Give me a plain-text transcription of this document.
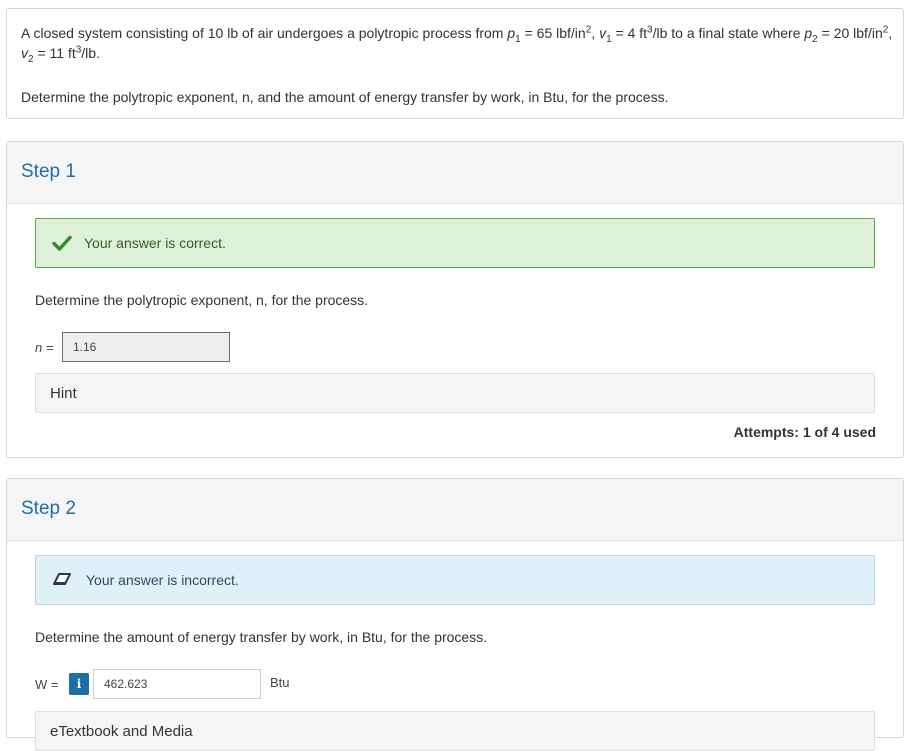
A closed system consisting of 10 lb of air undergoes a polytropic process from $p_1 = 65$ lbf/$in^2$, $v_1 = 4$ $ft^3/lb$ to a final state where $p_2 = 20$ lbf/$in^2$, $v_2 = 11$ $ft^3/lb$.
Determine the polytropic exponent, n, and the amount of energy transfer by work, in Btu, for the process.
Step 1
Your answer is correct.
Determine the polytropic exponent, n, for the process.
n =	1.16
Hint
Attempts: 1 of 4 used
Step 2
Your answer is incorrect.
Determine the amount of energy transfer by work, in Btu, for the process.
W =	i	462.623	Btu
eTextbook and Media
